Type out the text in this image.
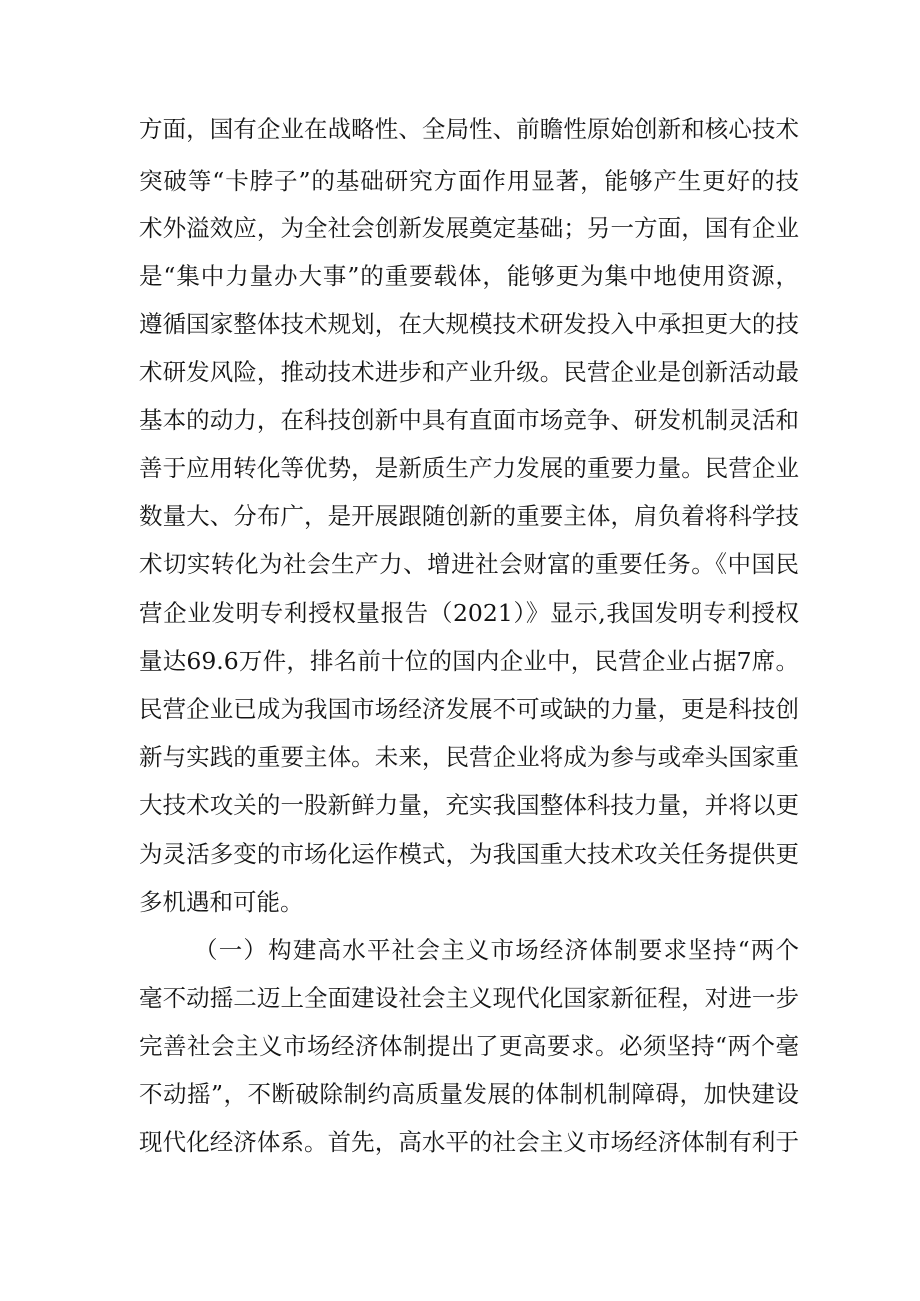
方面，国有企业在战略性、全局性、前瞻性原始创新和核心技术
突破等“卡脖子”的基础研究方面作用显著，能够产生更好的技
术外溢效应，为全社会创新发展奠定基础；另一方面，国有企业
是“集中力量办大事”的重要载体，能够更为集中地使用资源，
遵循国家整体技术规划，在大规模技术研发投入中承担更大的技
术研发风险，推动技术进步和产业升级。民营企业是创新活动最
基本的动力，在科技创新中具有直面市场竞争、研发机制灵活和
善于应用转化等优势，是新质生产力发展的重要力量。民营企业
数量大、分布广，是开展跟随创新的重要主体，肩负着将科学技
术切实转化为社会生产力、增进社会财富的重要任务。《中国民
营企业发明专利授权量报告（2021）》显示,我国发明专利授权
量达69.6万件，排名前十位的国内企业中，民营企业占据7席。
民营企业已成为我国市场经济发展不可或缺的力量，更是科技创
新与实践的重要主体。未来，民营企业将成为参与或牵头国家重
大技术攻关的一股新鲜力量，充实我国整体科技力量，并将以更
为灵活多变的市场化运作模式，为我国重大技术攻关任务提供更
多机遇和可能。
（一）构建高水平社会主义市场经济体制要求坚持“两个
毫不动摇二迈上全面建设社会主义现代化国家新征程，对进一步
完善社会主义市场经济体制提出了更高要求。必须坚持“两个毫
不动摇”，不断破除制约高质量发展的体制机制障碍，加快建设
现代化经济体系。首先，高水平的社会主义市场经济体制有利于
